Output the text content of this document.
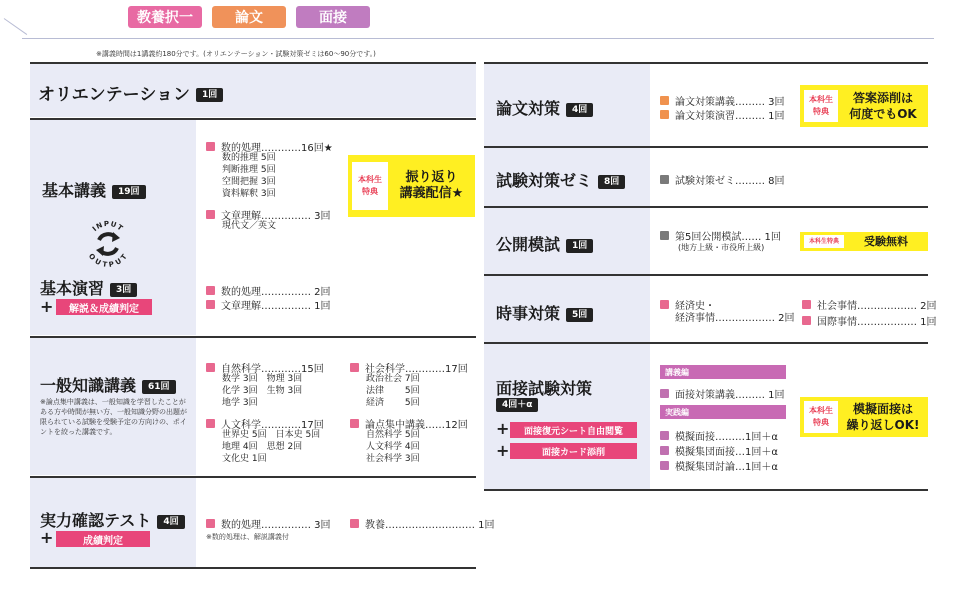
教養択一	論文	面接
※講義時間は1講義約180分です。(オリエンテーション・試験対策ゼミは60～90分です。)
オリエンテーション 1回
基本講義 19回
数的処理…………16回★
数的推理 5回
判断推理 5回
空間把握 3回
資料解釈 3回
文章理解…………… 3回
現代文／英文
本科生
特典
振り返り
講義配信★
INPUT
OUTPUT
基本演習 3回
+	解説＆成績判定
数的処理…………… 2回
文章理解…………… 1回
一般知識講義 61回
※論点集中講義は、一般知識を学習したことがある方や時間が無い方、一般知識分野の出題が限られている試験を受験予定の方向けの、ポイントを絞った講義です。
自然科学…………15回
数学 3回　物理 3回
化学 3回　生物 3回
地学 3回
人文科学…………17回
世界史 5回　日本史 5回
地理 4回　思想 2回
文化史 1回
社会科学…………17回
政治社会 7回
法律　　 5回
経済　　 5回
論点集中講義……12回
自然科学 5回
人文科学 4回
社会科学 3回
実力確認テスト 4回
+	成績判定
数的処理…………… 3回	教養……………………… 1回
※数的処理は、解説講義付
論文対策 4回
論文対策講義……… 3回
論文対策演習……… 1回
本科生
特典
答案添削は
何度でもOK
試験対策ゼミ 8回	試験対策ゼミ……… 8回
公開模試 1回
第5回公開模試…… 1回
(地方上級・市役所上級)
本科生特典	受験無料
時事対策 5回
経済史・
経済事情……………… 2回
社会事情……………… 2回
国際事情……………… 1回
面接試験対策
4回＋α
+	面接復元シート自由閲覧
+	面接カード添削
講義編
面接対策講義……… 1回
実践編
模擬面接………1回＋α
模擬集団面接…1回＋α
模擬集団討論…1回＋α
本科生
特典
模擬面接は
繰り返しOK!
